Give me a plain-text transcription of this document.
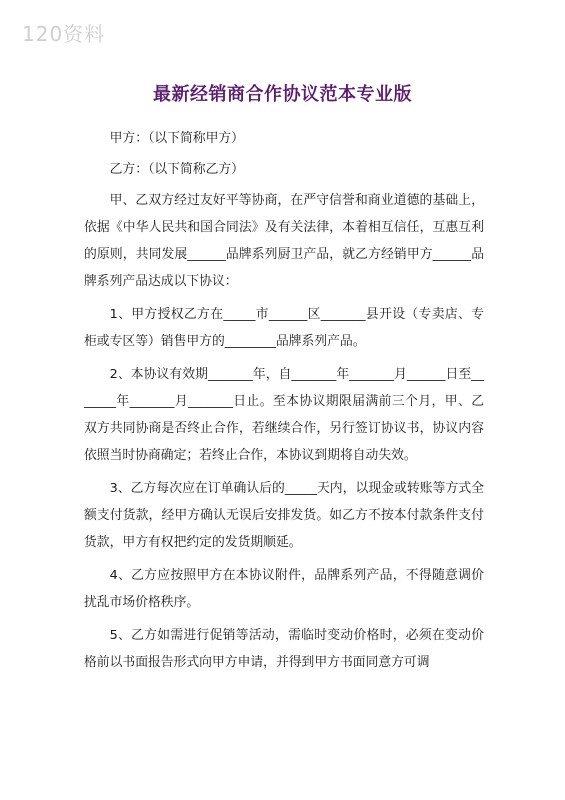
120资料
最新经销商合作协议范本专业版

甲方：（以下简称甲方）

乙方：（以下简称乙方）

甲、乙双方经过友好平等协商，在严守信誉和商业道德的基础上，依据《中华人民共和国合同法》及有关法律，本着相互信任，互惠互利的原则，共同发展______品牌系列厨卫产品，就乙方经销甲方______品牌系列产品达成以下协议：

1、甲方授权乙方在_____市______区_______县开设（专卖店、专柜或专区等）销售甲方的________品牌系列产品。

2、本协议有效期_______年，自_______年_______月______日至_______年_______月_______日止。至本协议期限届满前三个月，甲、乙双方共同协商是否终止合作，若继续合作，另行签订协议书，协议内容依照当时协商确定；若终止合作，本协议到期将自动失效。

3、乙方每次应在订单确认后的_____天内，以现金或转账等方式全额支付货款，经甲方确认无误后安排发货。如乙方不按本付款条件支付货款，甲方有权把约定的发货期顺延。

4、乙方应按照甲方在本协议附件，品牌系列产品，不得随意调价扰乱市场价格秩序。

5、乙方如需进行促销等活动，需临时变动价格时，必须在变动价格前以书面报告形式向甲方申请，并得到甲方书面同意方可调
